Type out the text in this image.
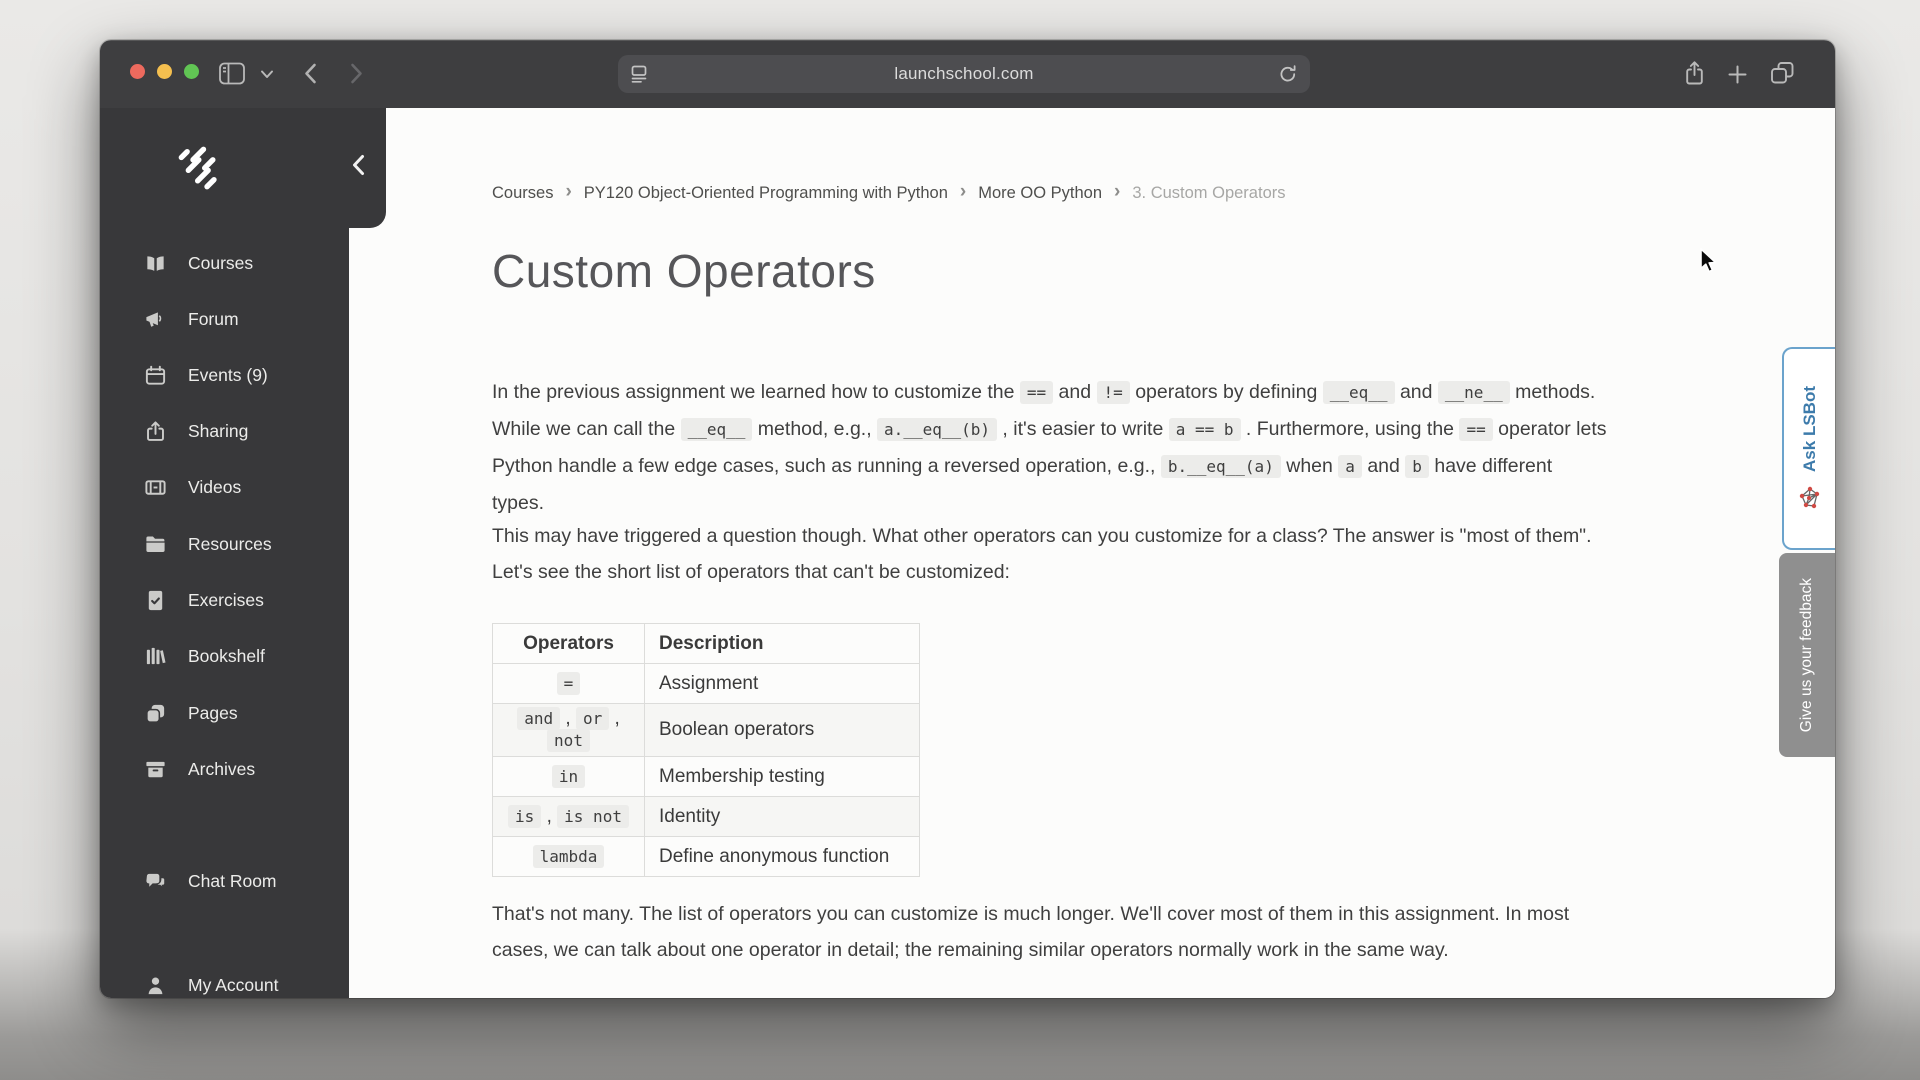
launchschool.com
Courses
Forum
Events (9)
Sharing
Videos
Resources
Exercises
Bookshelf
Pages
Archives
Chat Room
My Account
Courses › PY120 Object-Oriented Programming with Python › More OO Python › 3. Custom Operators
Custom Operators

In the previous assignment we learned how to customize the == and != operators by defining __eq__ and __ne__ methods. While we can call the __eq__ method, e.g., a.__eq__(b) , it's easier to write a == b . Furthermore, using the == operator lets Python handle a few edge cases, such as running a reversed operation, e.g., b.__eq__(a) when a and b have different types.

This may have triggered a question though. What other operators can you customize for a class? The answer is "most of them". Let's see the short list of operators that can't be customized:

Operators	Description
=	Assignment
and , or , not	Boolean operators
in	Membership testing
is , is not	Identity
lambda	Define anonymous function

That's not many. The list of operators you can customize is much longer. We'll cover most of them in this assignment. In most cases, we can talk about one operator in detail; the remaining similar operators normally work in the same way.

Ask LSBot
Give us your feedback
